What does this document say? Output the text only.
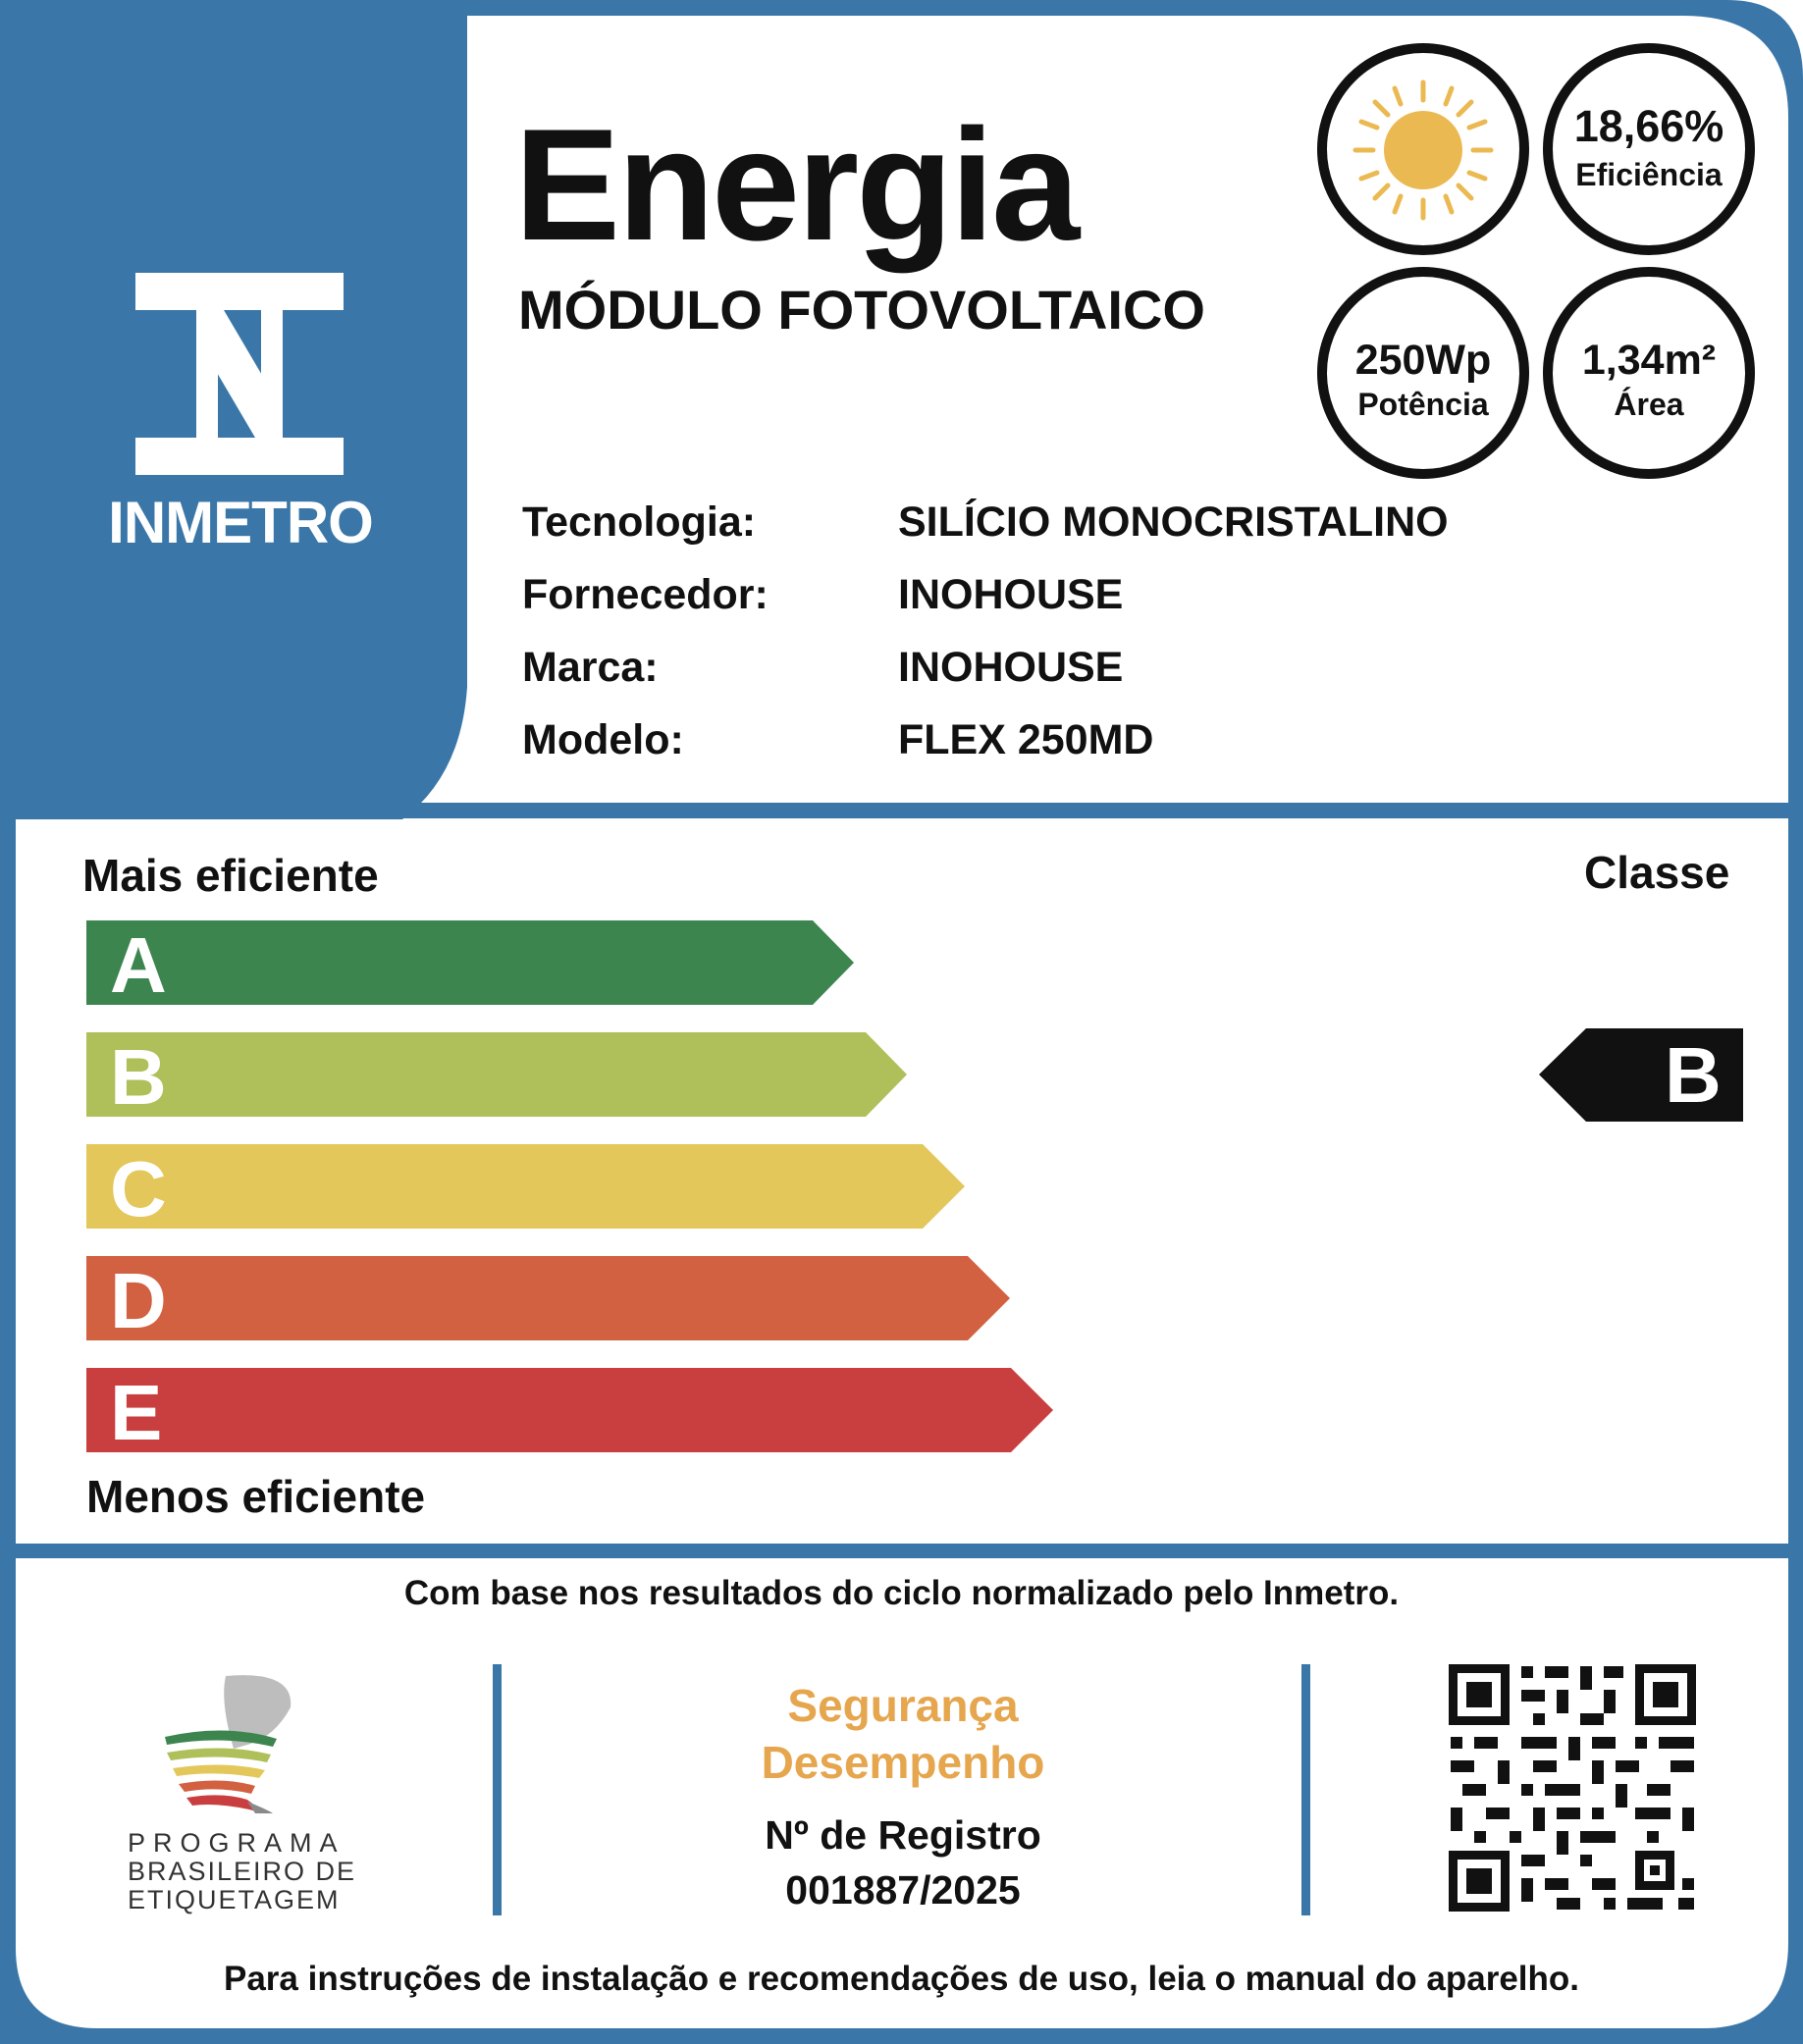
INMETRO
Energia
MÓDULO FOTOVOLTAICO
18,66%
Eficiência
250Wp
Potência
1,34m²
Área
Tecnologia:	SILÍCIO MONOCRISTALINO
Fornecedor:	INOHOUSE
Marca:	INOHOUSE
Modelo:	FLEX 250MD
Mais eficiente	Classe
A
B
C
D
E
B
Menos eficiente
Com base nos resultados do ciclo normalizado pelo Inmetro.
PROGRAMA
BRASILEIRO DE
ETIQUETAGEM
Segurança
Desempenho
Nº de Registro
001887/2025
Para instruções de instalação e recomendações de uso, leia o manual do aparelho.
